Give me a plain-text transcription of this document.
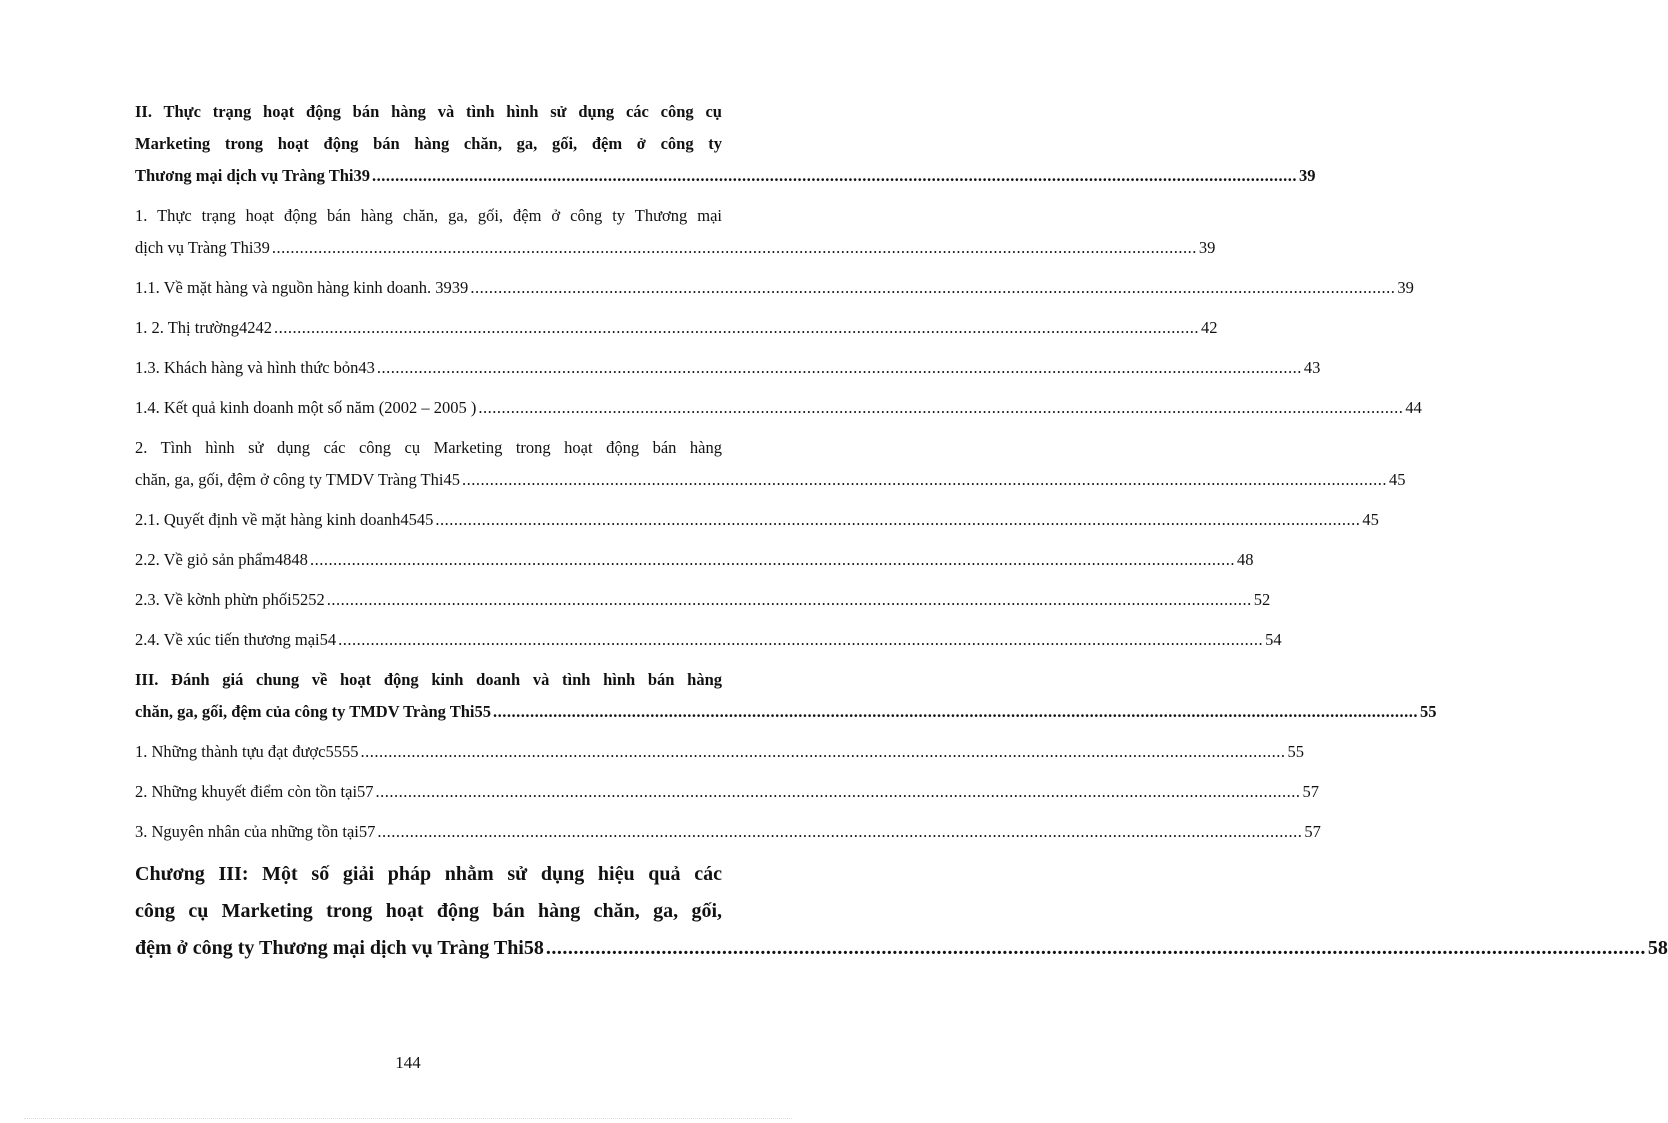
II. Thực trạng hoạt động bán hàng và tình hình sử dụng các công cụ
Marketing trong hoạt động bán hàng chăn, ga, gối, đệm ở công ty
Thương mại dịch vụ Tràng Thi39 ........................................................................................................................................................................................................ 39
1. Thực trạng hoạt động bán hàng chăn, ga, gối, đệm ở công ty Thương mại
dịch vụ Tràng Thi39 ........................................................................................................................................................................................................ 39
1.1. Về mặt hàng và nguồn hàng kinh doanh. 3939 ........................................................................................................................................................................................................ 39
1. 2. Thị trường4242 ........................................................................................................................................................................................................ 42
1.3. Khách hàng và hình thức bỏn43 ........................................................................................................................................................................................................ 43
1.4. Kết quả kinh doanh một số năm (2002 – 2005 ) ........................................................................................................................................................................................................ 44
2. Tình hình sử dụng các công cụ Marketing trong hoạt động bán hàng
chăn, ga, gối, đệm ở công ty TMDV Tràng Thi45 ........................................................................................................................................................................................................ 45
2.1. Quyết định về mặt hàng kinh doanh4545 ........................................................................................................................................................................................................ 45
2.2. Về giỏ sản phẩm4848 ........................................................................................................................................................................................................ 48
2.3. Về kờnh phừn phối5252 ........................................................................................................................................................................................................ 52
2.4. Về xúc tiến thương mại54 ........................................................................................................................................................................................................ 54
III. Đánh giá chung về hoạt động kinh doanh và tình hình bán hàng
chăn, ga, gối, đệm của công ty TMDV Tràng Thi55 ........................................................................................................................................................................................................ 55
1. Những thành tựu đạt được5555 ........................................................................................................................................................................................................ 55
2. Những khuyết điểm còn tồn tại57 ........................................................................................................................................................................................................ 57
3. Nguyên nhân của những tồn tại57 ........................................................................................................................................................................................................ 57
Chương III: Một số giải pháp nhằm sử dụng hiệu quả các
công cụ Marketing trong hoạt động bán hàng chăn, ga, gối,
đệm ở công ty Thương mại dịch vụ Tràng Thi58 ........................................................................................................................................................................................................ 58
144
